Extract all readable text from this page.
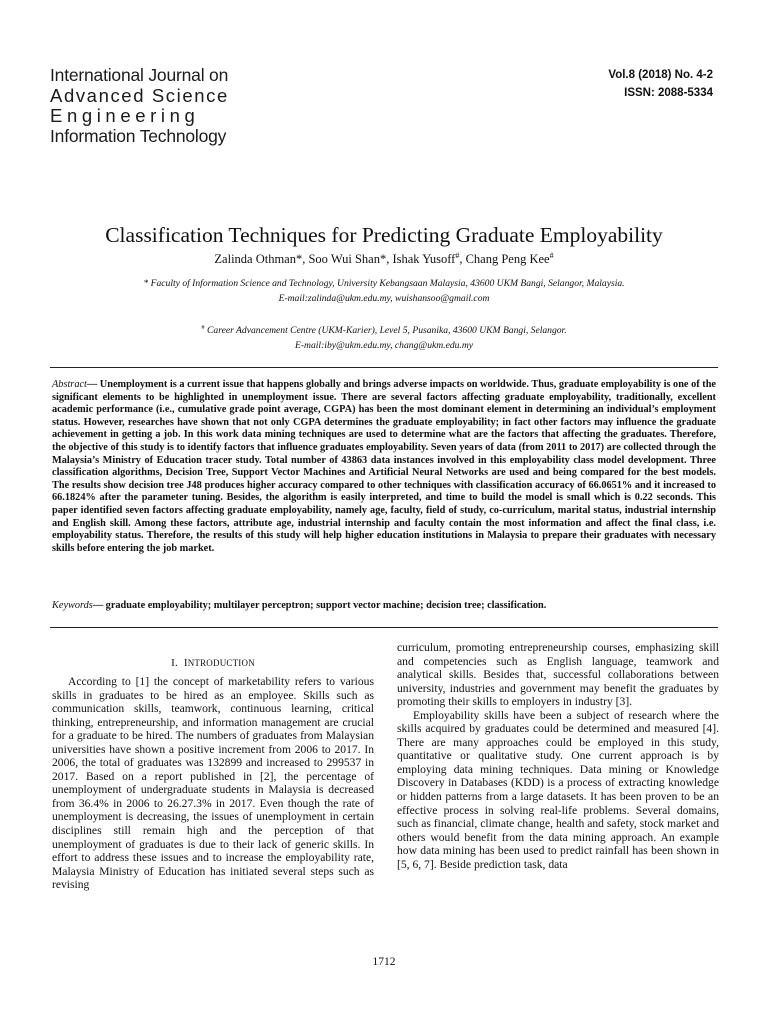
International Journal on
Advanced Science
Engineering
Information Technology
Vol.8 (2018) No. 4-2
ISSN: 2088-5334
Classification Techniques for Predicting Graduate Employability
Zalinda Othman*, Soo Wui Shan*, Ishak Yusoff#, Chang Peng Kee#
* Faculty of Information Science and Technology, University Kebangsaan Malaysia, 43600 UKM Bangi, Selangor, Malaysia.
E-mail:zalinda@ukm.edu.my, wuishansoo@gmail.com
# Career Advancement Centre (UKM-Karier), Level 5, Pusanika, 43600 UKM Bangi, Selangor.
E-mail:iby@ukm.edu.my, chang@ukm.edu.my
Abstract— Unemployment is a current issue that happens globally and brings adverse impacts on worldwide. Thus, graduate employability is one of the significant elements to be highlighted in unemployment issue. There are several factors affecting graduate employability, traditionally, excellent academic performance (i.e., cumulative grade point average, CGPA) has been the most dominant element in determining an individual’s employment status. However, researches have shown that not only CGPA determines the graduate employability; in fact other factors may influence the graduate achievement in getting a job. In this work data mining techniques are used to determine what are the factors that affecting the graduates. Therefore, the objective of this study is to identify factors that influence graduates employability. Seven years of data (from 2011 to 2017) are collected through the Malaysia’s Ministry of Education tracer study. Total number of 43863 data instances involved in this employability class model development. Three classification algorithms, Decision Tree, Support Vector Machines and Artificial Neural Networks are used and being compared for the best models. The results show decision tree J48 produces higher accuracy compared to other techniques with classification accuracy of 66.0651% and it increased to 66.1824% after the parameter tuning. Besides, the algorithm is easily interpreted, and time to build the model is small which is 0.22 seconds. This paper identified seven factors affecting graduate employability, namely age, faculty, field of study, co-curriculum, marital status, industrial internship and English skill. Among these factors, attribute age, industrial internship and faculty contain the most information and affect the final class, i.e. employability status. Therefore, the results of this study will help higher education institutions in Malaysia to prepare their graduates with necessary skills before entering the job market.
Keywords— graduate employability; multilayer perceptron; support vector machine; decision tree; classification.
I. INTRODUCTION

According to [1] the concept of marketability refers to various skills in graduates to be hired as an employee. Skills such as communication skills, teamwork, continuous learning, critical thinking, entrepreneurship, and information management are crucial for a graduate to be hired. The numbers of graduates from Malaysian universities have shown a positive increment from 2006 to 2017. In 2006, the total of graduates was 132899 and increased to 299537 in 2017. Based on a report published in [2], the percentage of unemployment of undergraduate students in Malaysia is decreased from 36.4% in 2006 to 26.27.3% in 2017. Even though the rate of unemployment is decreasing, the issues of unemployment in certain disciplines still remain high and the perception of that unemployment of graduates is due to their lack of generic skills. In effort to address these issues and to increase the employability rate, Malaysia Ministry of Education has initiated several steps such as revising

curriculum, promoting entrepreneurship courses, emphasizing skill and competencies such as English language, teamwork and analytical skills. Besides that, successful collaborations between university, industries and government may benefit the graduates by promoting their skills to employers in industry [3].

Employability skills have been a subject of research where the skills acquired by graduates could be determined and measured [4]. There are many approaches could be employed in this study, quantitative or qualitative study. One current approach is by employing data mining techniques. Data mining or Knowledge Discovery in Databases (KDD) is a process of extracting knowledge or hidden patterns from a large datasets. It has been proven to be an effective process in solving real-life problems. Several domains, such as financial, climate change, health and safety, stock market and others would benefit from the data mining approach. An example how data mining has been used to predict rainfall has been shown in [5, 6, 7]. Beside prediction task, data

1712
